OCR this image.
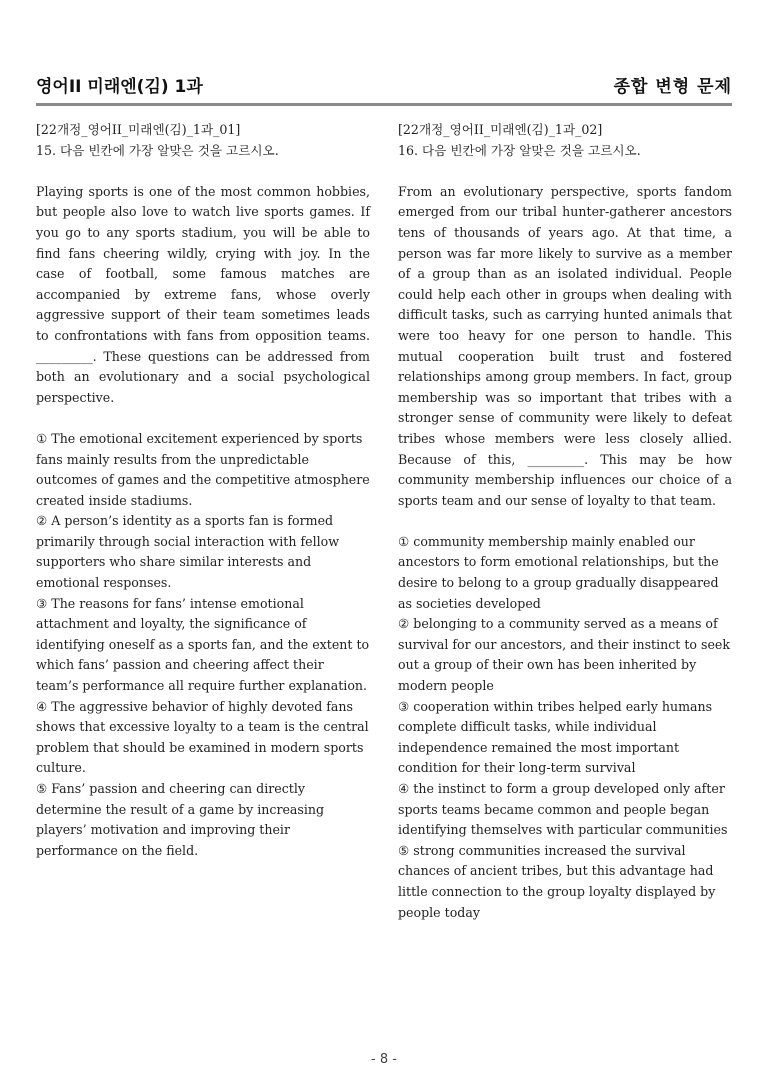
영어II 미래엔(김) 1과	종합 변형 문제
[22개정_영어II_미래엔(김)_1과_01]
15. 다음 빈칸에 가장 알맞은 것을 고르시오.
Playing sports is one of the most common hobbies, but people also love to watch live sports games. If you go to any sports stadium, you will be able to find fans cheering wildly, crying with joy. In the case of football, some famous matches are accompanied by extreme fans, whose overly aggressive support of their team sometimes leads to confrontations with fans from opposition teams. _________. These questions can be addressed from both an evolutionary and a social psychological perspective.

① The emotional excitement experienced by sports fans mainly results from the unpredictable outcomes of games and the competitive atmosphere created inside stadiums.

② A person’s identity as a sports fan is formed primarily through social interaction with fellow supporters who share similar interests and emotional responses.

③ The reasons for fans’ intense emotional attachment and loyalty, the significance of identifying oneself as a sports fan, and the extent to which fans’ passion and cheering affect their team’s performance all require further explanation.

④ The aggressive behavior of highly devoted fans shows that excessive loyalty to a team is the central problem that should be examined in modern sports culture.

⑤ Fans’ passion and cheering can directly determine the result of a game by increasing players’ motivation and improving their performance on the field.

[22개정_영어II_미래엔(김)_1과_02]
16. 다음 빈칸에 가장 알맞은 것을 고르시오.
From an evolutionary perspective, sports fandom emerged from our tribal hunter-gatherer ancestors tens of thousands of years ago. At that time, a person was far more likely to survive as a member of a group than as an isolated individual. People could help each other in groups when dealing with difficult tasks, such as carrying hunted animals that were too heavy for one person to handle. This mutual cooperation built trust and fostered relationships among group members. In fact, group membership was so important that tribes with a stronger sense of community were likely to defeat tribes whose members were less closely allied. Because of this, _________. This may be how community membership influences our choice of a sports team and our sense of loyalty to that team.

① community membership mainly enabled our ancestors to form emotional relationships, but the desire to belong to a group gradually disappeared as societies developed

② belonging to a community served as a means of survival for our ancestors, and their instinct to seek out a group of their own has been inherited by modern people

③ cooperation within tribes helped early humans complete difficult tasks, while individual independence remained the most important condition for their long-term survival

④ the instinct to form a group developed only after sports teams became common and people began identifying themselves with particular communities

⑤ strong communities increased the survival chances of ancient tribes, but this advantage had little connection to the group loyalty displayed by people today

- 8 -
